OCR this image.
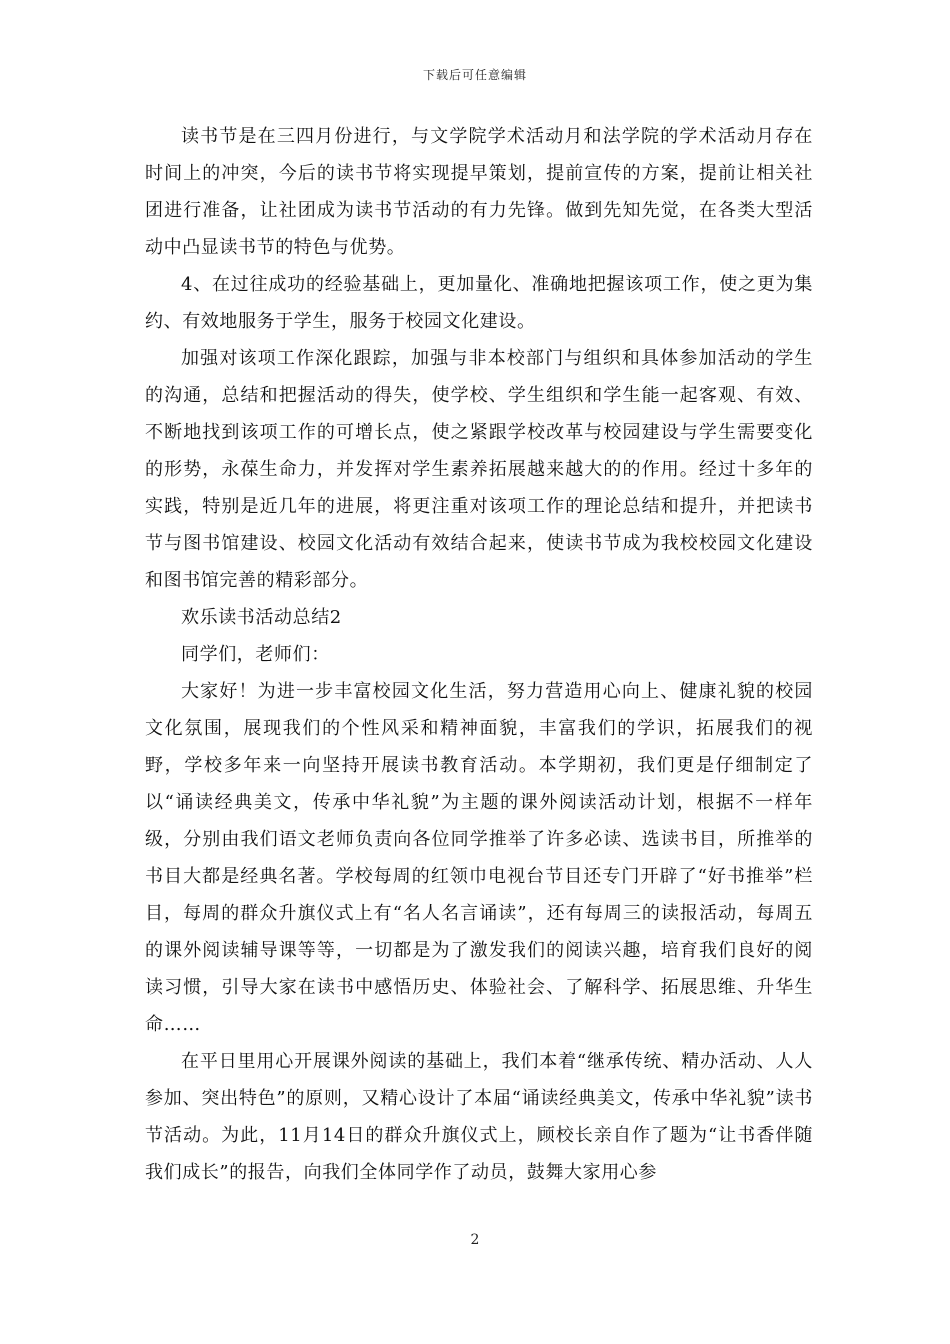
下载后可任意编辑

读书节是在三四月份进行，与文学院学术活动月和法学院的学术活动月存在时间上的冲突，今后的读书节将实现提早策划，提前宣传的方案，提前让相关社团进行准备，让社团成为读书节活动的有力先锋。做到先知先觉，在各类大型活动中凸显读书节的特色与优势。

4、在过往成功的经验基础上，更加量化、准确地把握该项工作，使之更为集约、有效地服务于学生，服务于校园文化建设。

加强对该项工作深化跟踪，加强与非本校部门与组织和具体参加活动的学生的沟通，总结和把握活动的得失，使学校、学生组织和学生能一起客观、有效、不断地找到该项工作的可增长点，使之紧跟学校改革与校园建设与学生需要变化的形势，永葆生命力，并发挥对学生素养拓展越来越大的的作用。经过十多年的实践，特别是近几年的进展，将更注重对该项工作的理论总结和提升，并把读书节与图书馆建设、校园文化活动有效结合起来，使读书节成为我校校园文化建设和图书馆完善的精彩部分。

欢乐读书活动总结2

同学们，老师们：

大家好！为进一步丰富校园文化生活，努力营造用心向上、健康礼貌的校园文化氛围，展现我们的个性风采和精神面貌，丰富我们的学识，拓展我们的视野，学校多年来一向坚持开展读书教育活动。本学期初，我们更是仔细制定了以“诵读经典美文，传承中华礼貌”为主题的课外阅读活动计划，根据不一样年级，分别由我们语文老师负责向各位同学推举了许多必读、选读书目，所推举的书目大都是经典名著。学校每周的红领巾电视台节目还专门开辟了“好书推举”栏目，每周的群众升旗仪式上有“名人名言诵读”，还有每周三的读报活动，每周五的课外阅读辅导课等等，一切都是为了激发我们的阅读兴趣，培育我们良好的阅读习惯，引导大家在读书中感悟历史、体验社会、了解科学、拓展思维、升华生命……

在平日里用心开展课外阅读的基础上，我们本着“继承传统、精办活动、人人参加、突出特色”的原则，又精心设计了本届“诵读经典美文，传承中华礼貌”读书节活动。为此，11月14日的群众升旗仪式上，顾校长亲自作了题为“让书香伴随我们成长”的报告，向我们全体同学作了动员，鼓舞大家用心参

2
